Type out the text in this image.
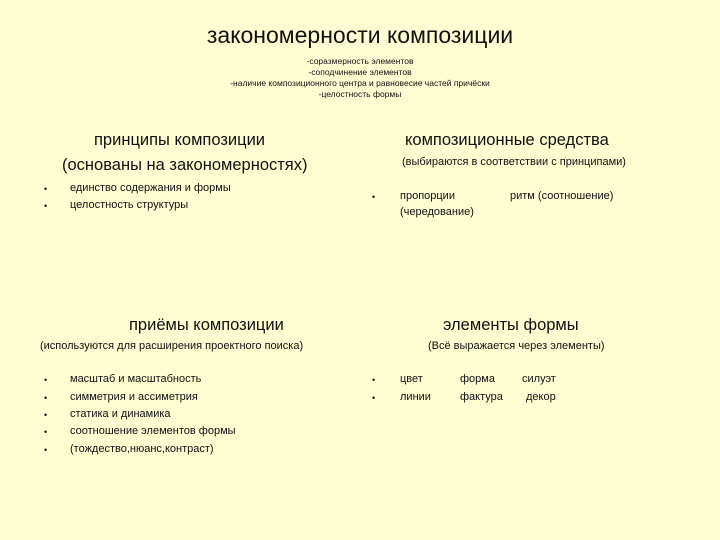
закономерности композиции
-соразмерность элементов
-соподчинение элементов
-наличие композиционного центра и равновесие частей причёски
-целостность формы
принципы композиции
(основаны на закономерностях)
• единство содержания и формы
• целостность структуры
композиционные средства
(выбираются в соответствии с принципами)
• пропорции
(чередование)
ритм (соотношение)
приёмы композиции
(используются для расширения проектного поиска)
• масштаб и масштабность
• симметрия и ассиметрия
• статика и динамика
• соотношение элементов формы
• (тождество,нюанс,контраст)
элементы формы
(Всё выражается через элементы)
• цвет	форма силуэт
• линии	фактура декор
